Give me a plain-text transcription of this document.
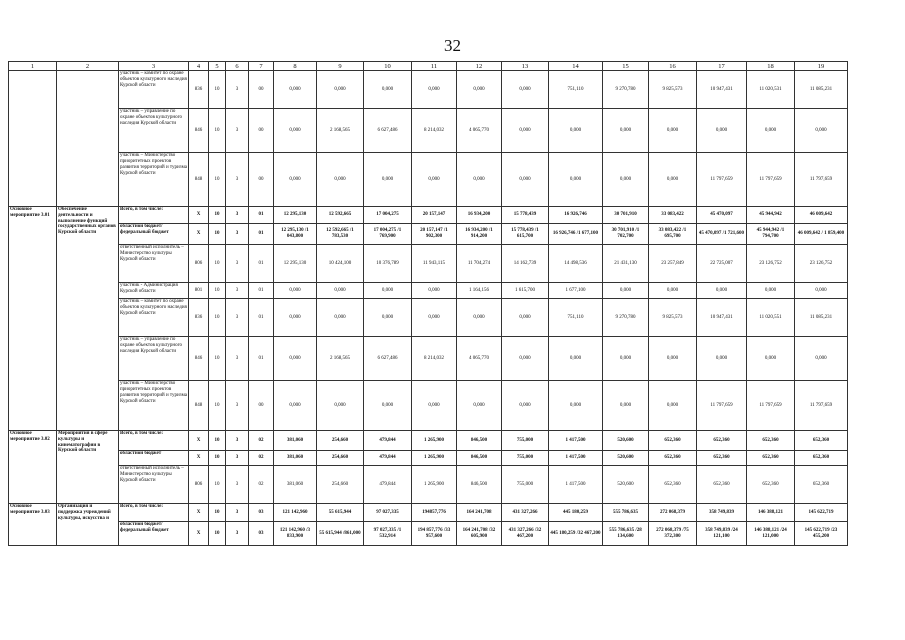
32
1	2	3	4	5	6	7	8	9	10	11	12	13	14	15	16	17	18	19
		участник – комитет по охране объектов культурного наследия Курской области	836	10	3	00	0,000	0,000	0,000	0,000	0,000	0,000	751,110	9 270,780	9 825,573	10 947,431	11 020,531	11 085,231
		участник – управление по охране объектов культурного наследия Курской области	846	10	3	00	0,000	2 168,565	6 627,486	8 214,032	4 065,770	0,000	0,000	0,000	0,000	0,000	0,000	0,000
		участник – Министерство приоритетных проектов развития территорий и туризма Курской области	848	10	3	00	0,000	0,000	0,000	0,000	0,000	0,000	0,000	0,000	0,000	11 797,659	11 797,659	11 797,659
Основное мероприятие 3.01	Обеспечение деятельности и выполнение функций государственных органов Курской области	Всего, в том числе:	X	10	3	01	12 295,130	12 592,665	17 004,275	20 157,147	16 934,200	15 778,439	16 926,746	30 701,910	33 083,422	45 470,097	45 944,942	46 009,642
		областной бюджет/ федеральный бюджет	X	10	3	01	12 295,130 /1 043,800	12 592,665 /1 783,530	17 004,275 /1 769,900	20 157,147 /1 902,300	16 934,200 /1 914,200	15 778,439 /1 615,700	16 926,746 /1 677,100	30 701,910 /1 702,700	33 083,422 /1 695,700	45 470,097 /1 721,600	45 944,942 /1 794,700	46 009,642 / 1 859,400
		ответственный исполнитель – Министерство культуры Курской области	806	10	3	01	12 295,130	10 424,100	10 376,789	11 943,115	11 704,274	14 162,739	14 498,536	21 431,130	23 257,849	22 725,007	23 126,752	23 126,752
		участник - Администрация Курской области	801	10	3	01	0,000	0,000	0,000	0,000	1 164,156	1 615,700	1 677,100	0,000	0,000	0,000	0,000	0,000
		участник – комитет по охране объектов культурного наследия Курской области	836	10	3	01	0,000	0,000	0,000	0,000	0,000	0,000	751,110	9 270,780	9 825,573	10 947,431	11 020,551	11 085,231
		участник – управление по охране объектов культурного наследия Курской области	846	10	3	01	0,000	2 168,565	6 627,486	8 214,032	4 065,770	0,000	0,000	0,000	0,000	0,000	0,000	0,000
		участник – Министерство приоритетных проектов развития территорий и туризма Курской области	848	10	3	00	0,000	0,000	0,000	0,000	0,000	0,000	0,000	0,000	0,000	11 797,659	11 797,659	11 797,659
Основное мероприятие 3.02	Мероприятия в сфере культуры и кинематографии в Курской области	Всего, в том числе:	X	10	3	02	381,060	254,660	479,844	1 265,900	846,500	755,000	1 417,500	520,600	652,360	652,360	652,360	652,360
		областной бюджет	X	10	3	02	381,060	254,660	479,844	1 265,900	846,500	755,000	1 417,500	520,600	652,360	652,360	652,360	652,360
		ответственный исполнитель – Министерство культуры Курской области	806	10	3	02	381,060	254,660	479,844	1 265,900	846,500	755,000	1 417,500	520,600	652,360	652,360	652,360	652,360
Основное мероприятие 3.03	Организация и поддержка учреждений культуры, искусства и	Всего, в том числе:	X	10	3	03	121 142,960	55 615,944	97 027,335	194857,776	164 241,708	431 327,266	445 180,259	555 786,635	272 068,379	358 749,839	146 388,121	145 622,719
		областной бюджет/ федеральный бюджет	X	10	3	03	121 142,960 /3 833,900	55 615,944 /861,000	97 027,335 /1 532,914	194 857,776 /33 957,600	164 241,708 /32 605,900	431 327,266 /32 467,200	445 180,259 /32 467,200	555 786,635 /28 134,600	272 068,379 /75 372,300	358 749,839 /24 121,100	146 388,121 /24 121,000	145 622,719 /23 455,200
